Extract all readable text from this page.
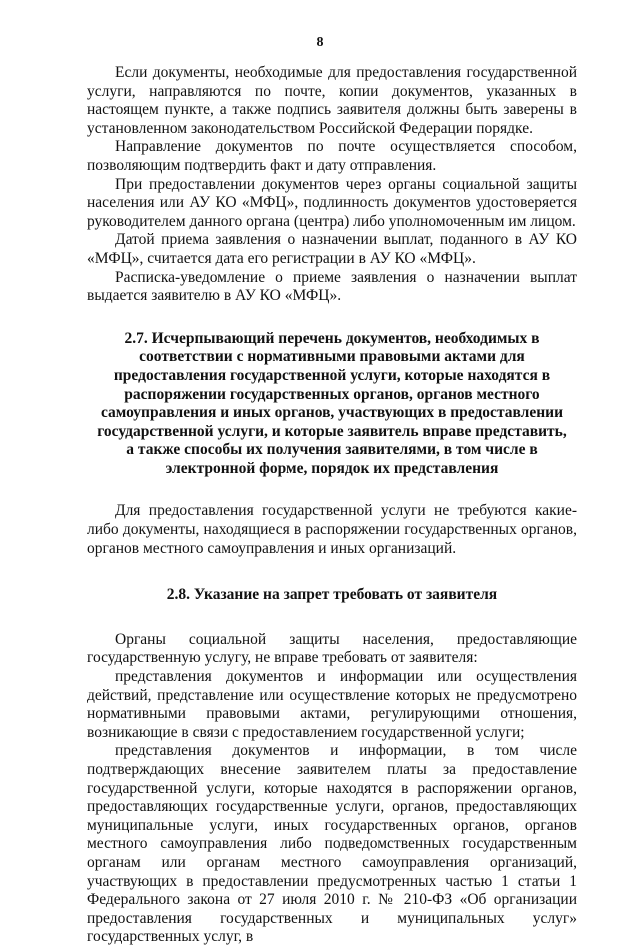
8

Если документы, необходимые для предоставления государственной услуги, направляются по почте, копии документов, указанных в настоящем пункте, а также подпись заявителя должны быть заверены в установленном законодательством Российской Федерации порядке.

Направление документов по почте осуществляется способом, позволяющим подтвердить факт и дату отправления.

При предоставлении документов через органы социальной защиты населения или АУ КО «МФЦ», подлинность документов удостоверяется руководителем данного органа (центра) либо уполномоченным им лицом.

Датой приема заявления о назначении выплат, поданного в АУ КО «МФЦ», считается дата его регистрации в АУ КО «МФЦ».

Расписка-уведомление о приеме заявления о назначении выплат выдается заявителю в АУ КО «МФЦ».

2.7. Исчерпывающий перечень документов, необходимых в соответствии с нормативными правовыми актами для предоставления государственной услуги, которые находятся в распоряжении государственных органов, органов местного самоуправления и иных органов, участвующих в предоставлении государственной услуги, и которые заявитель вправе представить, а также способы их получения заявителями, в том числе в электронной форме, порядок их представления

Для предоставления государственной услуги не требуются какие-либо документы, находящиеся в распоряжении государственных органов, органов местного самоуправления и иных организаций.

2.8. Указание на запрет требовать от заявителя

Органы социальной защиты населения, предоставляющие государственную услугу, не вправе требовать от заявителя:

представления документов и информации или осуществления действий, представление или осуществление которых не предусмотрено нормативными правовыми актами, регулирующими отношения, возникающие в связи с предоставлением государственной услуги;

представления документов и информации, в том числе подтверждающих внесение заявителем платы за предоставление государственной услуги, которые находятся в распоряжении органов, предоставляющих государственные услуги, органов, предоставляющих муниципальные услуги, иных государственных органов, органов местного самоуправления либо подведомственных государственным органам или органам местного самоуправления организаций, участвующих в предоставлении предусмотренных частью 1 статьи 1 Федерального закона от 27 июля 2010 г. № 210-ФЗ «Об организации предоставления государственных и муниципальных услуг» государственных услуг, в
